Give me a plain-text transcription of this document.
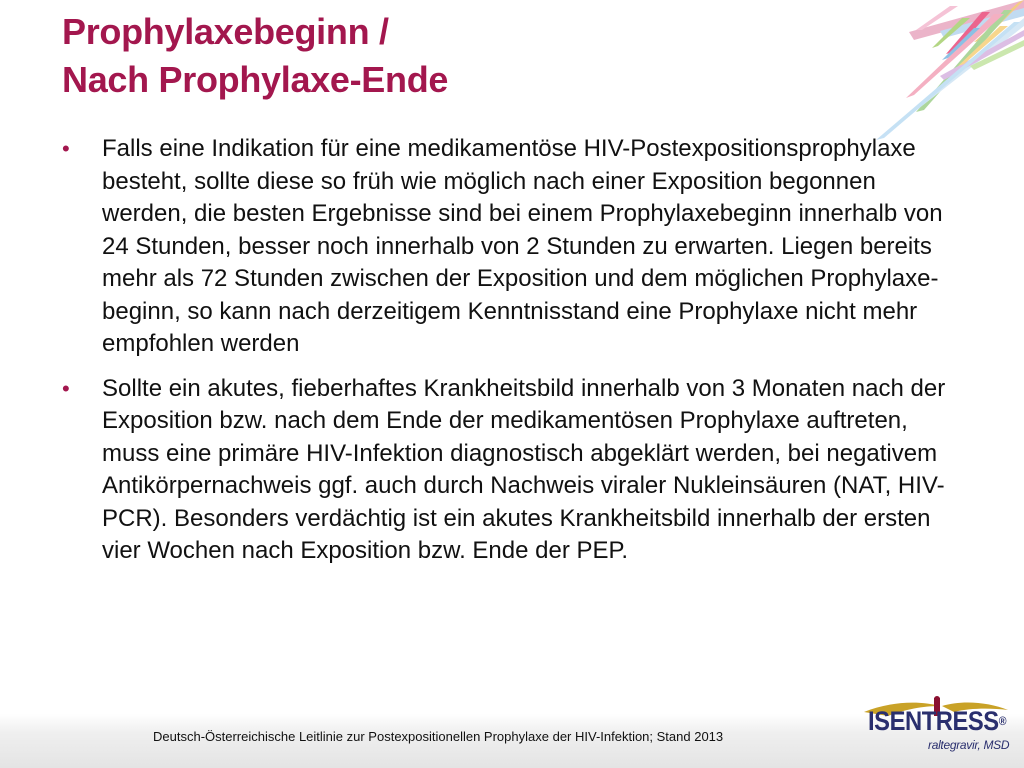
Prophylaxebeginn /
Nach Prophylaxe-Ende
• Falls eine Indikation für eine medikamentöse HIV-Postexpositionsprophylaxe besteht, sollte diese so früh wie möglich nach einer Exposition begonnen werden, die besten Ergebnisse sind bei einem Prophylaxebeginn innerhalb von 24 Stunden, besser noch innerhalb von 2 Stunden zu erwarten. Liegen bereits mehr als 72 Stunden zwischen der Exposition und dem möglichen Prophylaxe-beginn, so kann nach derzeitigem Kenntnisstand eine Prophylaxe nicht mehr empfohlen werden
• Sollte ein akutes, fieberhaftes Krankheitsbild innerhalb von 3 Monaten nach der Exposition bzw. nach dem Ende der medikamentösen Prophylaxe auftreten, muss eine primäre HIV-Infektion diagnostisch abgeklärt werden, bei negativem Antikörpernachweis ggf. auch durch Nachweis viraler Nukleinsäuren (NAT, HIV-PCR). Besonders verdächtig ist ein akutes Krankheitsbild innerhalb der ersten vier Wochen nach Exposition bzw. Ende der PEP.
Deutsch-Österreichische Leitlinie zur Postexpositionellen Prophylaxe der HIV-Infektion; Stand 2013
ISENTRESS®
raltegravir, MSD
